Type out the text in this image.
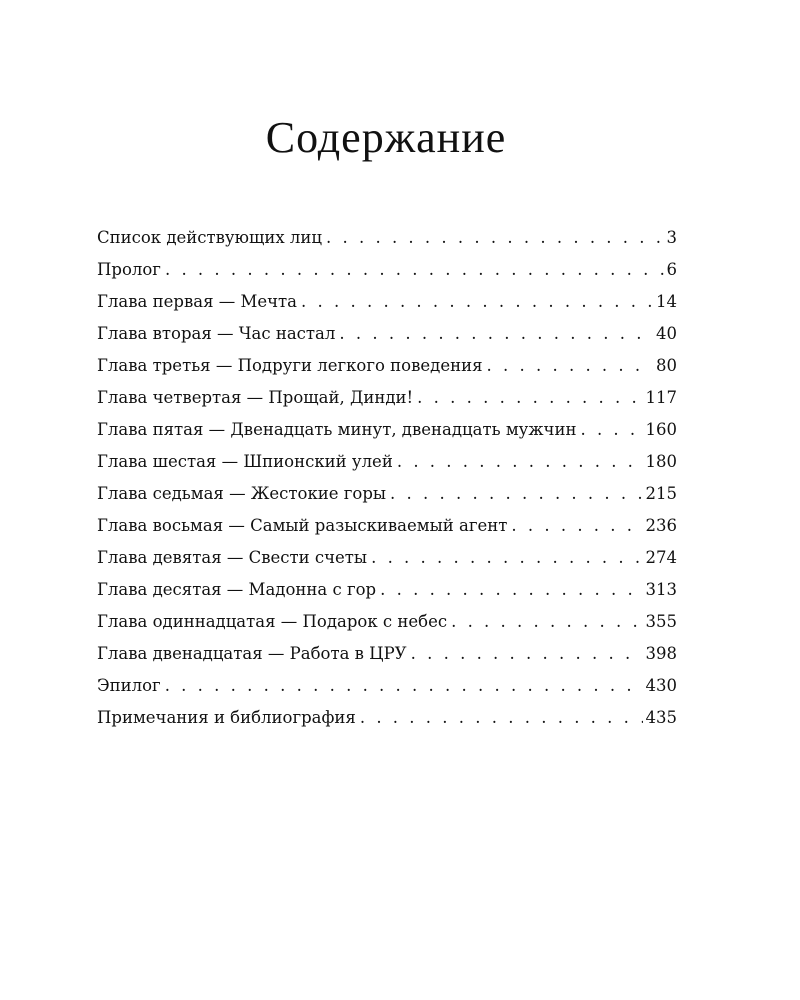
Содержание
Список действующих лиц . . .	3
Пролог . . .	6
Глава первая — Мечта . . .	14
Глава вторая — Час настал . . .	40
Глава третья — Подруги легкого поведения . . .	80
Глава четвертая — Прощай, Динди! . . .	117
Глава пятая — Двенадцать минут, двенадцать мужчин . . .	160
Глава шестая — Шпионский улей . . .	180
Глава седьмая — Жестокие горы . . .	215
Глава восьмая — Самый разыскиваемый агент . . .	236
Глава девятая — Свести счеты . . .	274
Глава десятая — Мадонна с гор . . .	313
Глава одиннадцатая — Подарок с небес . . .	355
Глава двенадцатая — Работа в ЦРУ . . .	398
Эпилог . . .	430
Примечания и библиография . . .	435
